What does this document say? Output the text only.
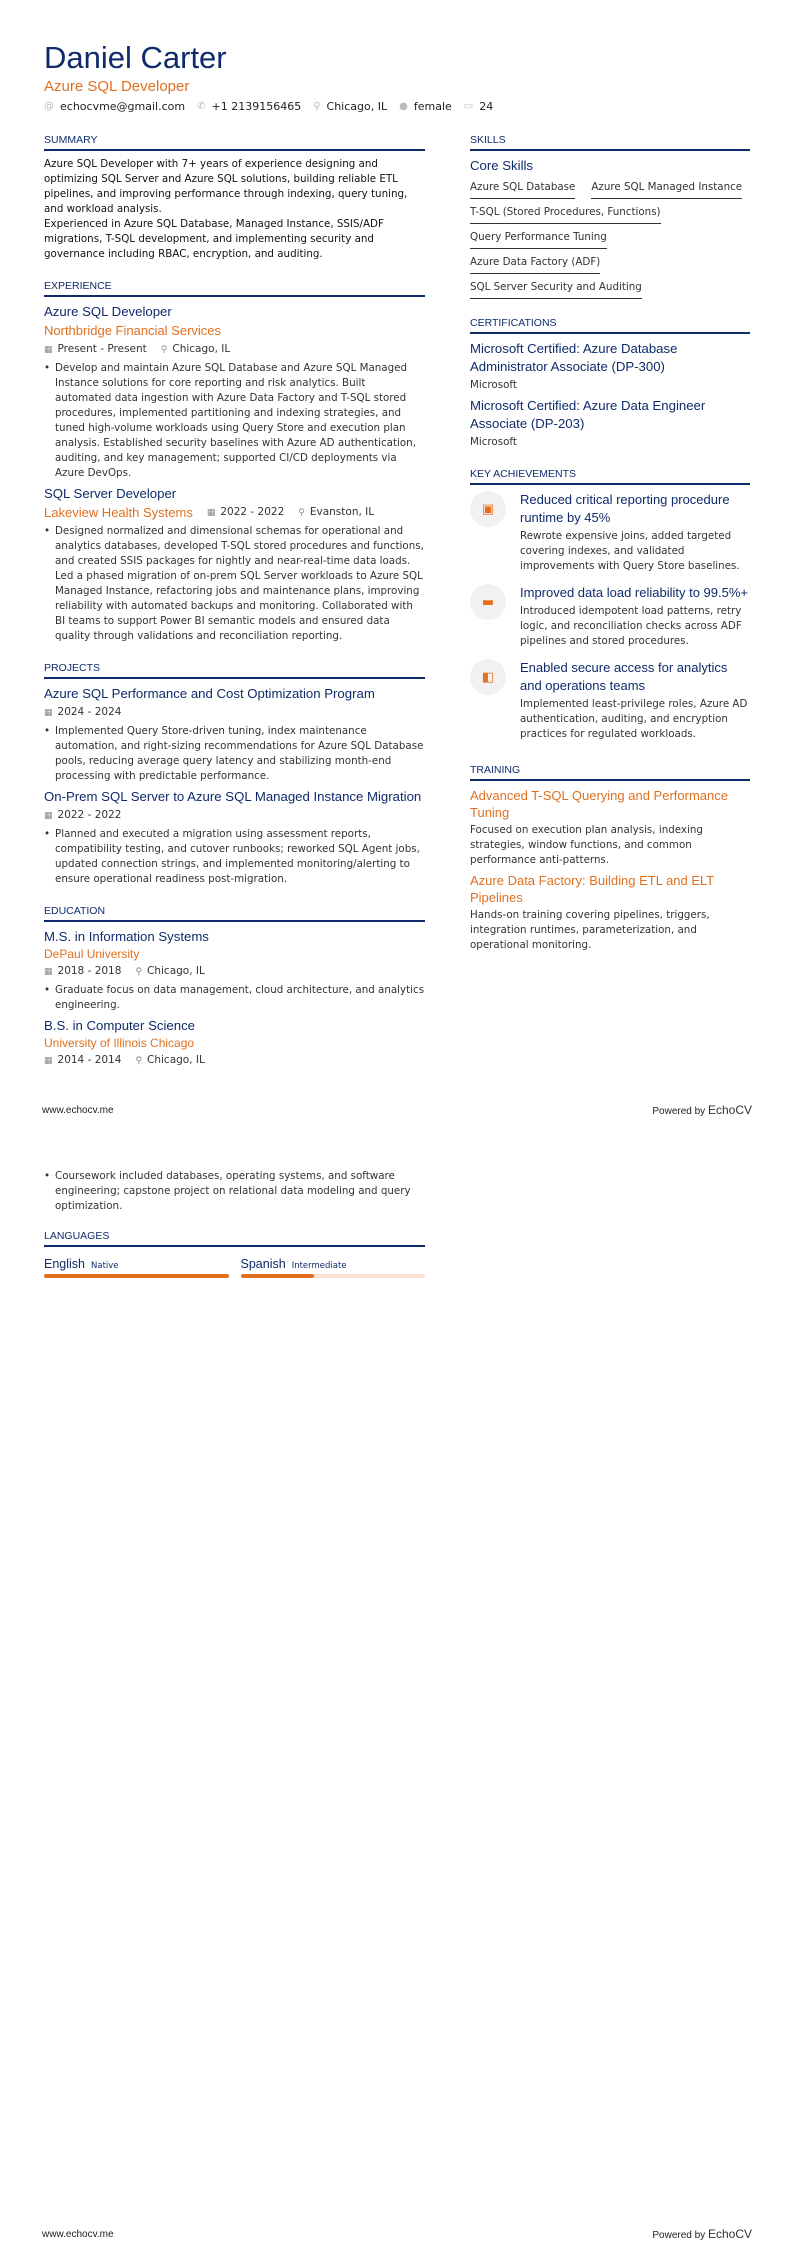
Daniel Carter
Azure SQL Developer
@ echocvme@gmail.com ✆ +1 2139156465 ⚲ Chicago, IL ● female ▭ 24
SUMMARY

Azure SQL Developer with 7+ years of experience designing and optimizing SQL Server and Azure SQL solutions, building reliable ETL pipelines, and improving performance through indexing, query tuning, and workload analysis.

Experienced in Azure SQL Database, Managed Instance, SSIS/ADF migrations, T-SQL development, and implementing security and governance including RBAC, encryption, and auditing.

EXPERIENCE
Azure SQL Developer
Northbridge Financial Services
▦ Present - Present ⚲ Chicago, IL
• Develop and maintain Azure SQL Database and Azure SQL Managed Instance solutions for core reporting and risk analytics. Built automated data ingestion with Azure Data Factory and T-SQL stored procedures, implemented partitioning and indexing strategies, and tuned high-volume workloads using Query Store and execution plan analysis. Established security baselines with Azure AD authentication, auditing, and key management; supported CI/CD deployments via Azure DevOps.
SQL Server Developer
Lakeview Health Systems ▦ 2022 - 2022 ⚲ Evanston, IL
• Designed normalized and dimensional schemas for operational and analytics databases, developed T-SQL stored procedures and functions, and created SSIS packages for nightly and near-real-time data loads. Led a phased migration of on-prem SQL Server workloads to Azure SQL Managed Instance, refactoring jobs and maintenance plans, improving reliability with automated backups and monitoring. Collaborated with BI teams to support Power BI semantic models and ensured data quality through validations and reconciliation reporting.
PROJECTS
Azure SQL Performance and Cost Optimization Program
▦ 2024 - 2024
• Implemented Query Store-driven tuning, index maintenance automation, and right-sizing recommendations for Azure SQL Database pools, reducing average query latency and stabilizing month-end processing with predictable performance.
On-Prem SQL Server to Azure SQL Managed Instance Migration
▦ 2022 - 2022
• Planned and executed a migration using assessment reports, compatibility testing, and cutover runbooks; reworked SQL Agent jobs, updated connection strings, and implemented monitoring/alerting to ensure operational readiness post-migration.
EDUCATION
M.S. in Information Systems
DePaul University
▦ 2018 - 2018 ⚲ Chicago, IL
• Graduate focus on data management, cloud architecture, and analytics engineering.
B.S. in Computer Science
University of Illinois Chicago
▦ 2014 - 2014 ⚲ Chicago, IL
SKILLS
Core Skills
Azure SQL Database Azure SQL Managed Instance
T-SQL (Stored Procedures, Functions)
Query Performance Tuning
Azure Data Factory (ADF)
SQL Server Security and Auditing
CERTIFICATIONS
Microsoft Certified: Azure Database Administrator Associate (DP-300)
Microsoft
Microsoft Certified: Azure Data Engineer Associate (DP-203)
Microsoft
KEY ACHIEVEMENTS
▣
Reduced critical reporting procedure runtime by 45%
Rewrote expensive joins, added targeted covering indexes, and validated improvements with Query Store baselines.
▬
Improved data load reliability to 99.5%+
Introduced idempotent load patterns, retry logic, and reconciliation checks across ADF pipelines and stored procedures.
◧
Enabled secure access for analytics and operations teams
Implemented least-privilege roles, Azure AD authentication, auditing, and encryption practices for regulated workloads.
TRAINING
Advanced T-SQL Querying and Performance Tuning
Focused on execution plan analysis, indexing strategies, window functions, and common performance anti-patterns.
Azure Data Factory: Building ETL and ELT Pipelines
Hands-on training covering pipelines, triggers, integration runtimes, parameterization, and operational monitoring.
www.echocv.me	Powered by EchoCV
• Coursework included databases, operating systems, and software engineering; capstone project on relational data modeling and query optimization.
LANGUAGES
English Native	Spanish Intermediate
www.echocv.me	Powered by EchoCV
